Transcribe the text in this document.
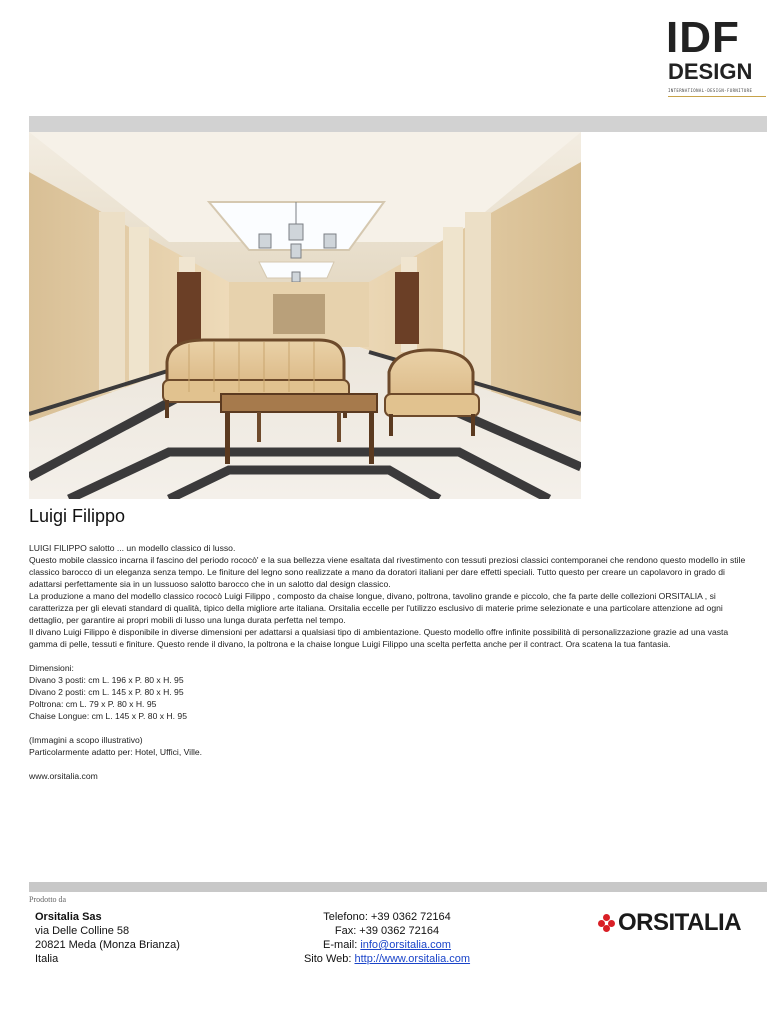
IDF
DESIGN
INTERNATIONAL-DESIGN-FURNITURE
Luigi Filippo

LUIGI FILIPPO salotto ... un modello classico di lusso.

Questo mobile classico incarna il fascino del periodo rococò' e la sua bellezza viene esaltata dal rivestimento con tessuti preziosi classici contemporanei che rendono questo modello in stile classico barocco di un eleganza senza tempo. Le finiture del legno sono realizzate a mano da doratori italiani per dare effetti speciali. Tutto questo per creare un capolavoro in grado di adattarsi perfettamente sia in un lussuoso salotto barocco che in un salotto dal design classico.

La produzione a mano del modello classico rococò Luigi Filippo , composto da chaise longue, divano, poltrona, tavolino grande e piccolo, che fa parte delle collezioni ORSITALIA , si caratterizza per gli elevati standard di qualità, tipico della migliore arte italiana. Orsitalia eccelle per l'utilizzo esclusivo di materie prime selezionate e una particolare attenzione ad ogni dettaglio, per garantire ai propri mobili di lusso una lunga durata perfetta nel tempo.

Il divano Luigi Filippo è disponibile in diverse dimensioni per adattarsi a qualsiasi tipo di ambientazione. Questo modello offre infinite possibilità di personalizzazione grazie ad una vasta gamma di pelle, tessuti e finiture. Questo rende il divano, la poltrona e la chaise longue Luigi Filippo una scelta perfetta anche per il contract. Ora scatena la tua fantasia.

Dimensioni:

Divano 3 posti: cm L. 196 x P. 80 x H. 95

Divano 2 posti: cm L. 145 x P. 80 x H. 95

Poltrona: cm L. 79 x P. 80 x H. 95

Chaise Longue: cm L. 145 x P. 80 x H. 95

(Immagini a scopo illustrativo)

Particolarmente adatto per: Hotel, Uffici, Ville.

www.orsitalia.com

Prodotto da
Orsitalia Sas
via Delle Colline 58
20821 Meda (Monza Brianza)
Italia
Telefono: +39 0362 72164
Fax: +39 0362 72164
E-mail: info@orsitalia.com
Sito Web: http://www.orsitalia.com
ORSITALIA
